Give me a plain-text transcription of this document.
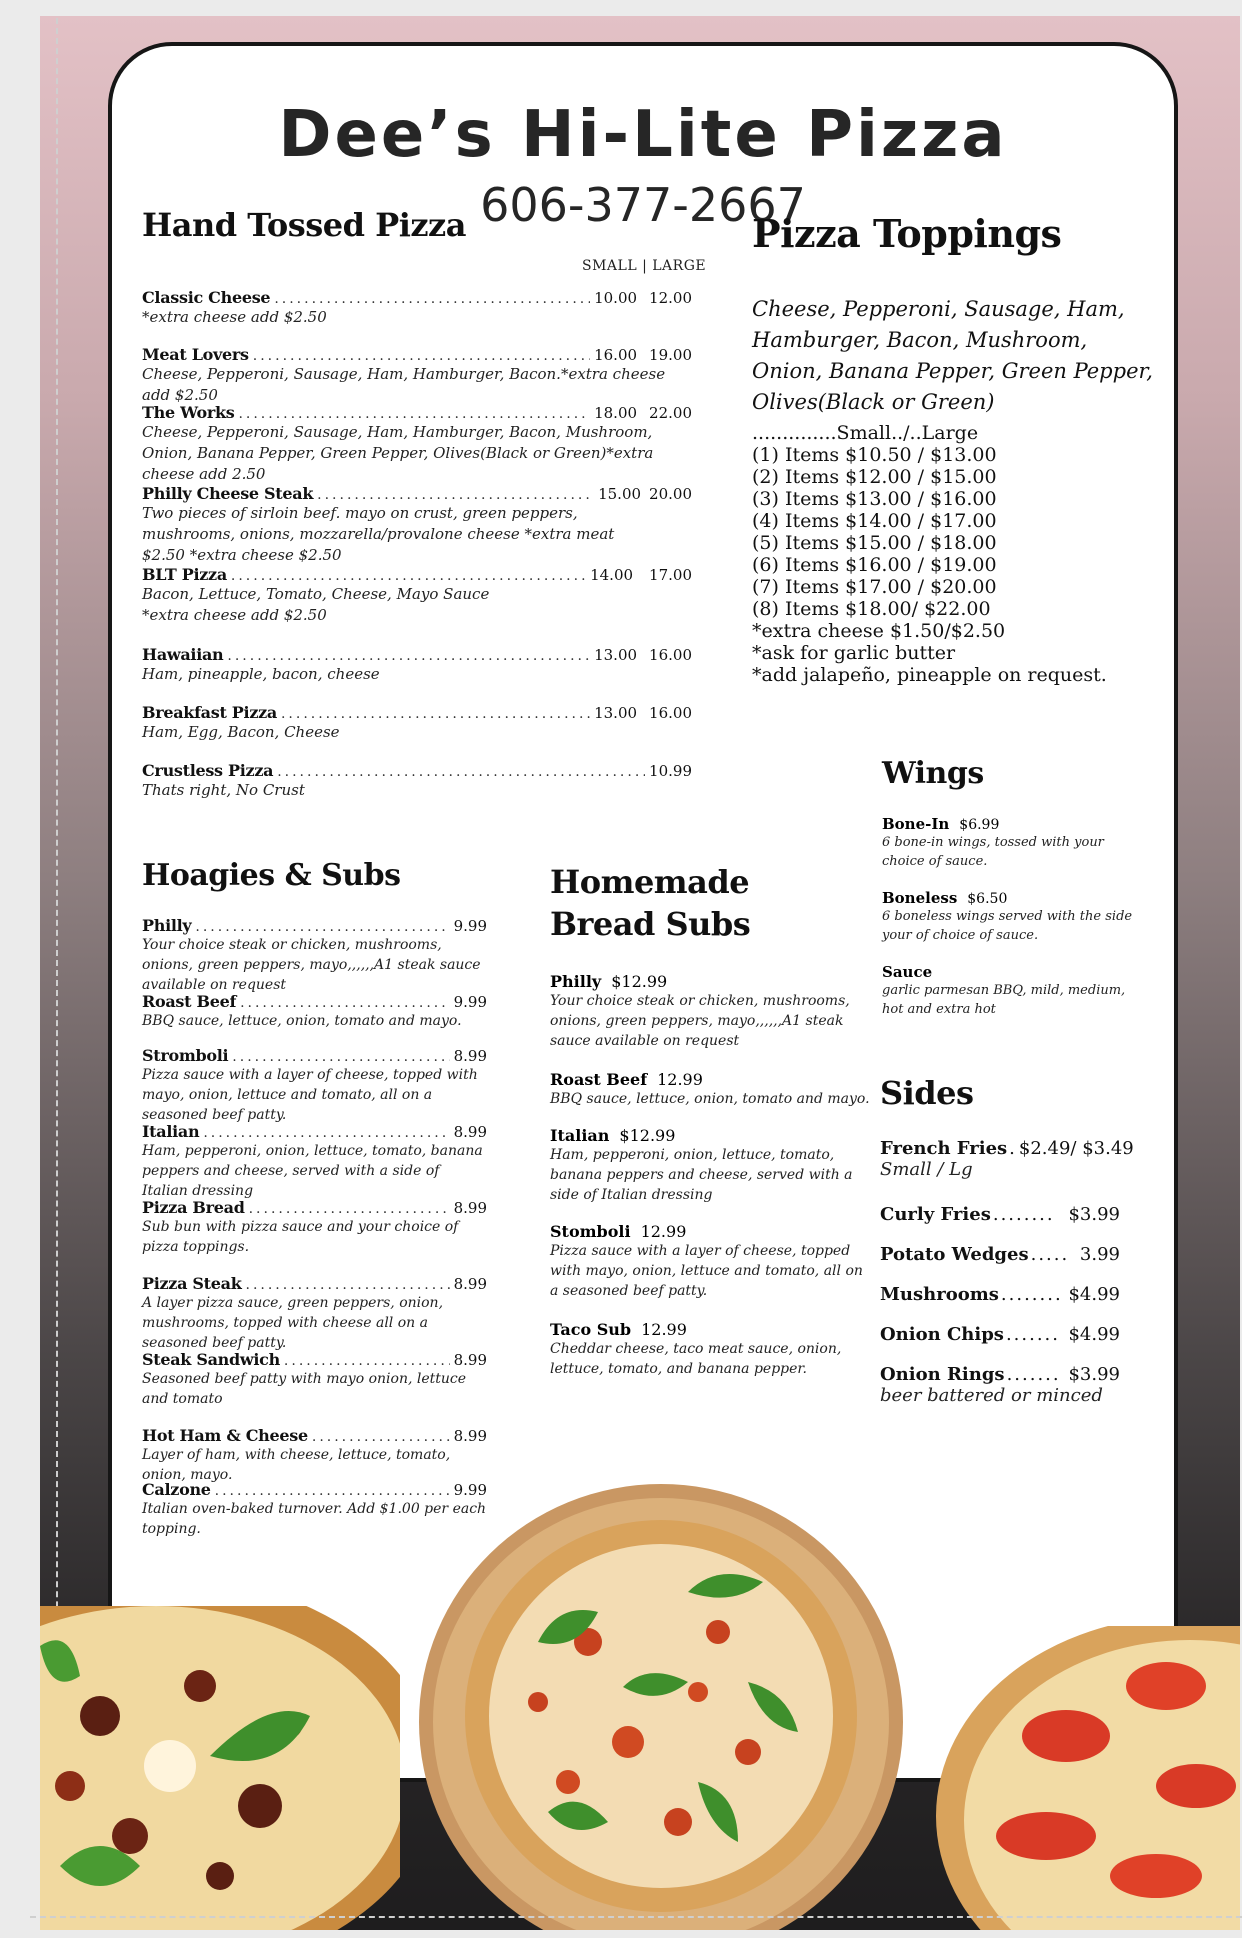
Dee’s Hi-Lite Pizza
606-377-2667
Hand Tossed Pizza
SMALL | LARGE
Classic Cheese .....	10.00 12.00
*extra cheese add $2.50
Meat Lovers .....	16.00 19.00
Cheese, Pepperoni, Sausage, Ham, Hamburger, Bacon.*extra cheese add $2.50
The Works .....	18.00 22.00
Cheese, Pepperoni, Sausage, Ham, Hamburger, Bacon, Mushroom, Onion, Banana Pepper, Green Pepper, Olives(Black or Green)*extra cheese add 2.50
Philly Cheese Steak .....	15.00 20.00
Two pieces of sirloin beef. mayo on crust, green peppers, mushrooms, onions, mozzarella/provalone cheese *extra meat $2.50 *extra cheese $2.50
BLT Pizza .....	14.00 17.00
Bacon, Lettuce, Tomato, Cheese, Mayo Sauce
*extra cheese add $2.50
Hawaiian .....	13.00 16.00
Ham, pineapple, bacon, cheese
Breakfast Pizza .....	13.00 16.00
Ham, Egg, Bacon, Cheese
Crustless Pizza .....	10.99
Thats right, No Crust
Pizza Toppings
Cheese, Pepperoni, Sausage, Ham, Hamburger, Bacon, Mushroom, Onion, Banana Pepper, Green Pepper, Olives(Black or Green)
..............Small../..Large
(1) Items $10.50 / $13.00
(2) Items $12.00 / $15.00
(3) Items $13.00 / $16.00
(4) Items $14.00 / $17.00
(5) Items $15.00 / $18.00
(6) Items $16.00 / $19.00
(7) Items $17.00 / $20.00
(8) Items $18.00/ $22.00
*extra cheese $1.50/$2.50
*ask for garlic butter
*add jalapeño, pineapple on request.
Wings
Bone-In $6.99
6 bone-in wings, tossed with your choice of sauce.
Boneless $6.50
6 boneless wings served with the side your of choice of sauce.
Sauce
garlic parmesan BBQ, mild, medium, hot and extra hot
Hoagies & Subs
Philly .....	9.99
Your choice steak or chicken, mushrooms, onions, green peppers, mayo,,,,,,A1 steak sauce available on request
Roast Beef .....	9.99
BBQ sauce, lettuce, onion, tomato and mayo.
Stromboli .....	8.99
Pizza sauce with a layer of cheese, topped with mayo, onion, lettuce and tomato, all on a seasoned beef patty.
Italian .....	8.99
Ham, pepperoni, onion, lettuce, tomato, banana peppers and cheese, served with a side of Italian dressing
Pizza Bread .....	8.99
Sub bun with pizza sauce and your choice of pizza toppings.
Pizza Steak .....	8.99
A layer pizza sauce, green peppers, onion, mushrooms, topped with cheese all on a seasoned beef patty.
Steak Sandwich .....	8.99
Seasoned beef patty with mayo onion, lettuce and tomato
Hot Ham & Cheese .....	8.99
Layer of ham, with cheese, lettuce, tomato, onion, mayo.
Calzone .....	9.99
Italian oven-baked turnover. Add $1.00 per each topping.
Homemade Bread Subs
Philly $12.99
Your choice steak or chicken, mushrooms, onions, green peppers, mayo,,,,,,A1 steak sauce available on request
Roast Beef 12.99
BBQ sauce, lettuce, onion, tomato and mayo.
Italian $12.99
Ham, pepperoni, onion, lettuce, tomato, banana peppers and cheese, served with a side of Italian dressing
Stomboli 12.99
Pizza sauce with a layer of cheese, topped with mayo, onion, lettuce and tomato, all on a seasoned beef patty.
Taco Sub 12.99
Cheddar cheese, taco meat sauce, onion, lettuce, tomato, and banana pepper.
Sides
French Fries . $2.49/ $3.49
Small / Lg
Curly Fries ........ $3.99
Potato Wedges ..... 3.99
Mushrooms ........ $4.99
Onion Chips ....... $4.99
Onion Rings ....... $3.99
beer battered or minced
